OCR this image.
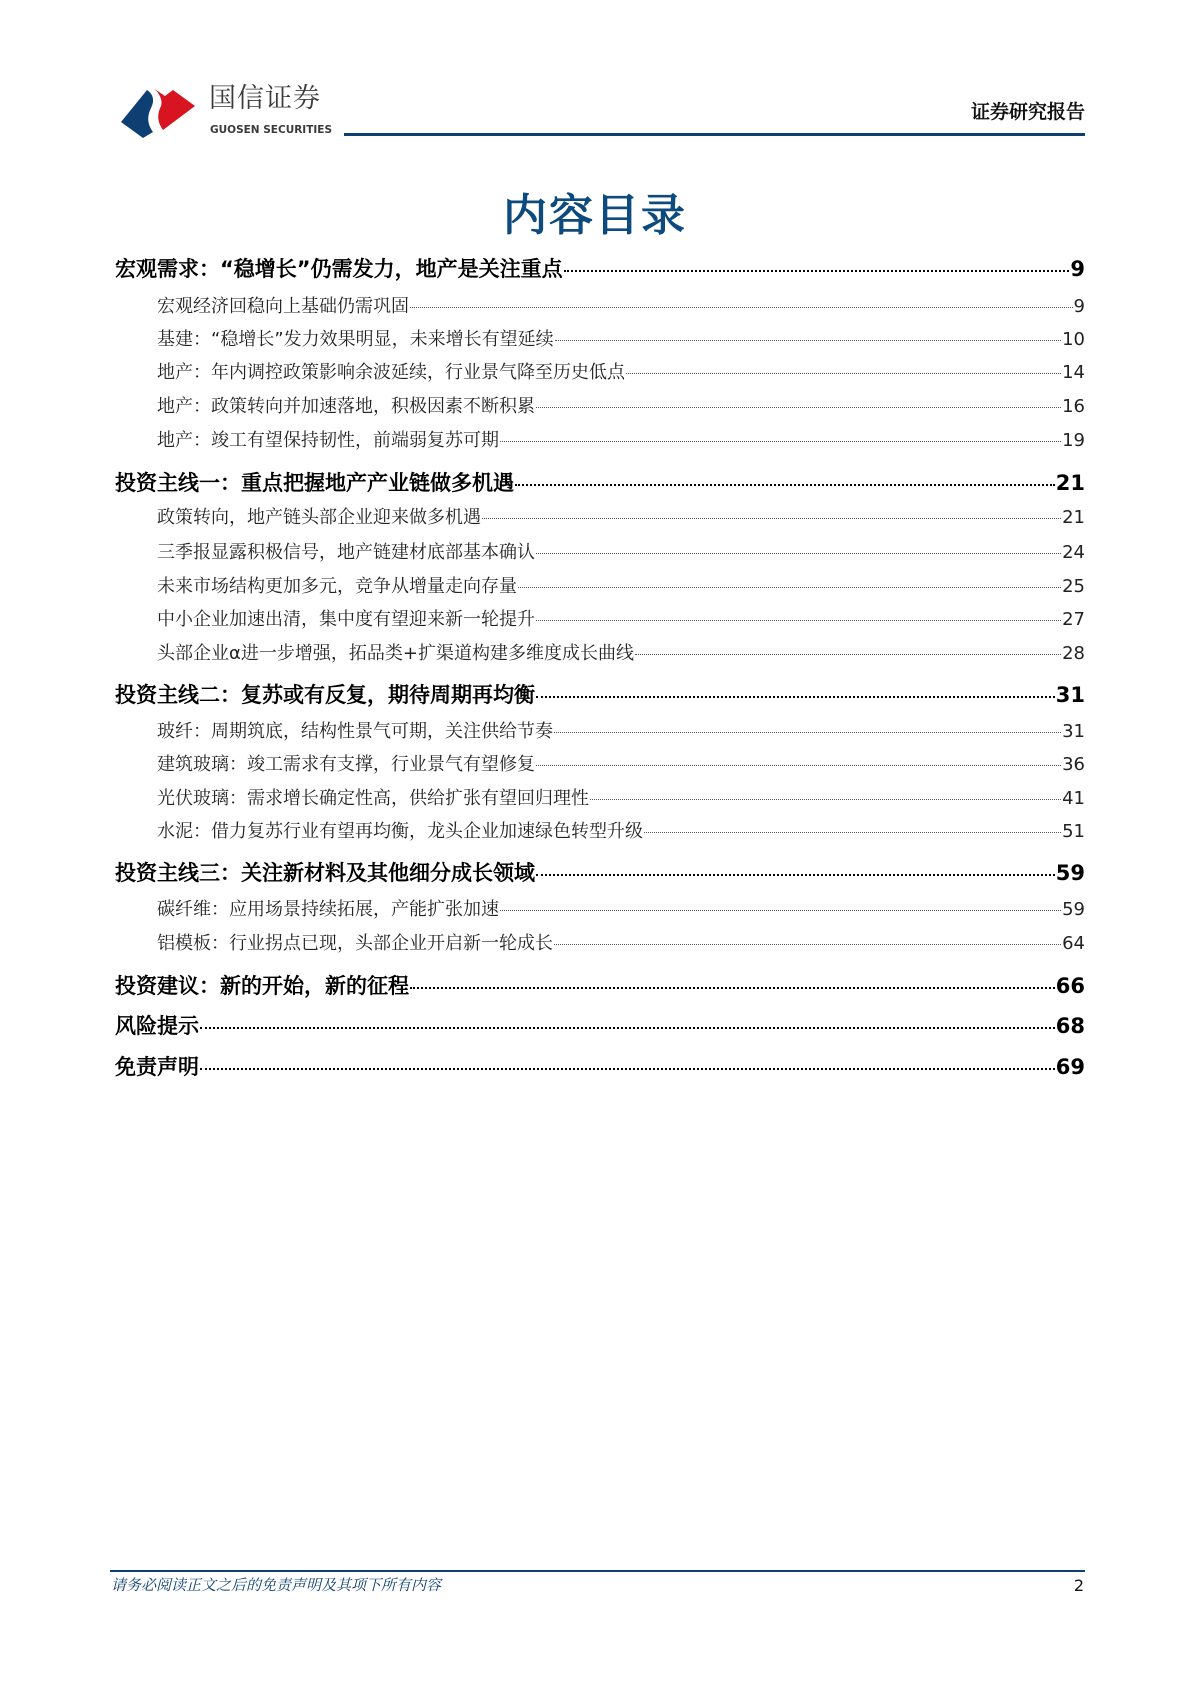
国信证券
GUOSEN SECURITIES
证券研究报告
内容目录
宏观需求：“稳增长”仍需发力，地产是关注重点	9
宏观经济回稳向上基础仍需巩固	9
基建：“稳增长”发力效果明显，未来增长有望延续	10
地产：年内调控政策影响余波延续，行业景气降至历史低点	14
地产：政策转向并加速落地，积极因素不断积累	16
地产：竣工有望保持韧性，前端弱复苏可期	19
投资主线一：重点把握地产产业链做多机遇	21
政策转向，地产链头部企业迎来做多机遇	21
三季报显露积极信号，地产链建材底部基本确认	24
未来市场结构更加多元，竞争从增量走向存量	25
中小企业加速出清，集中度有望迎来新一轮提升	27
头部企业α进一步增强，拓品类+扩渠道构建多维度成长曲线	28
投资主线二：复苏或有反复，期待周期再均衡	31
玻纤：周期筑底，结构性景气可期，关注供给节奏	31
建筑玻璃：竣工需求有支撑，行业景气有望修复	36
光伏玻璃：需求增长确定性高，供给扩张有望回归理性	41
水泥：借力复苏行业有望再均衡，龙头企业加速绿色转型升级	51
投资主线三：关注新材料及其他细分成长领域	59
碳纤维：应用场景持续拓展，产能扩张加速	59
铝模板：行业拐点已现，头部企业开启新一轮成长	64
投资建议：新的开始，新的征程	66
风险提示	68
免责声明	69
请务必阅读正文之后的免责声明及其项下所有内容	2
